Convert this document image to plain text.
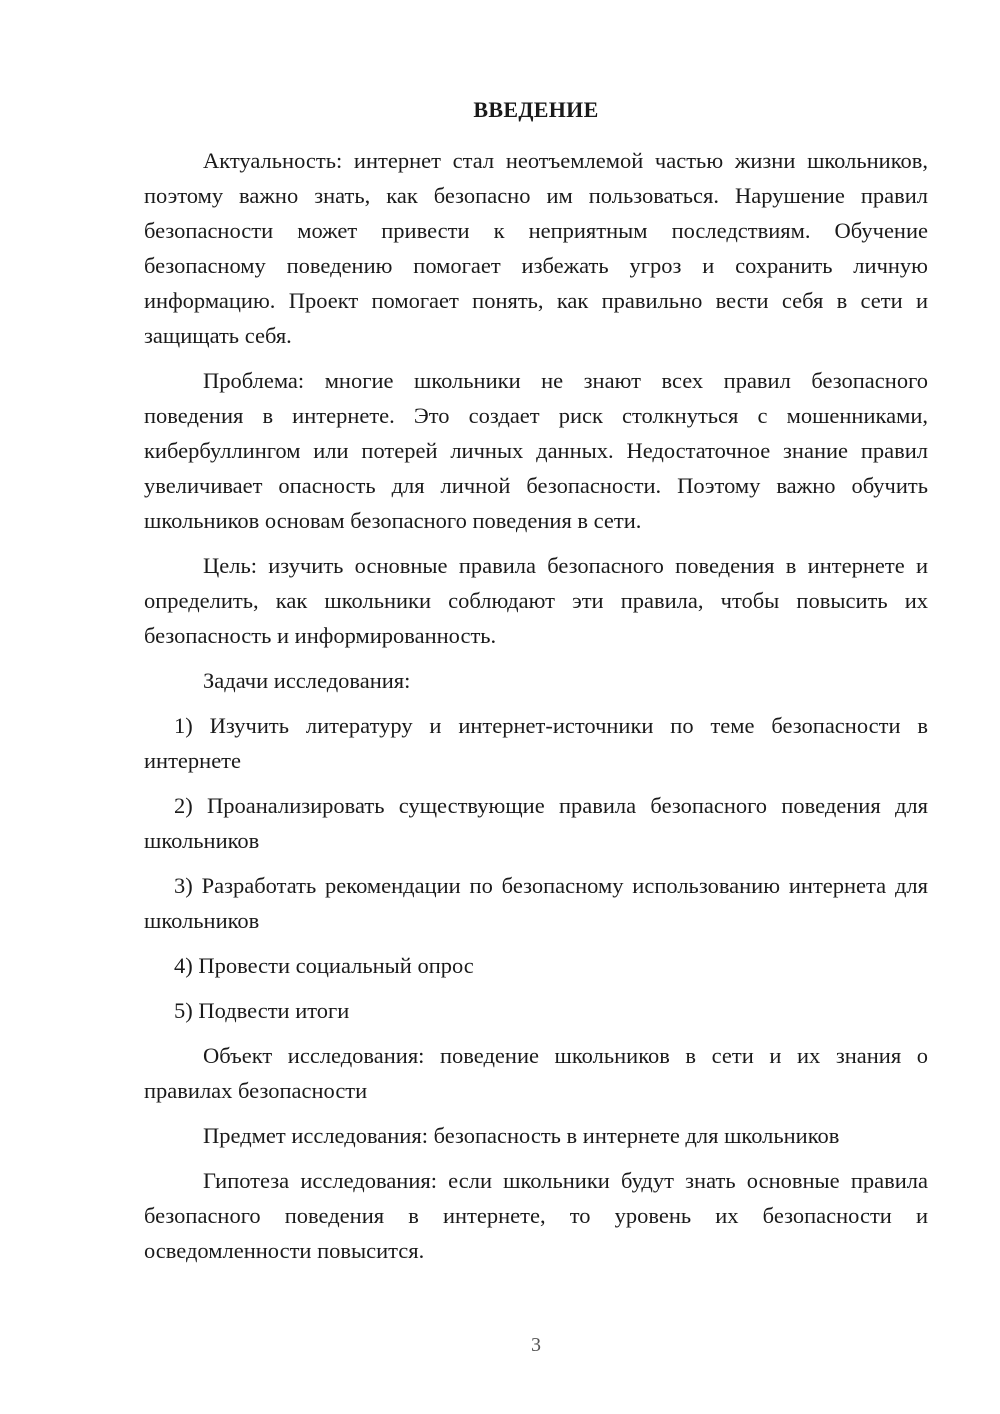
ВВЕДЕНИЕ

Актуальность: интернет стал неотъемлемой частью жизни школьников, поэтому важно знать, как безопасно им пользоваться. Нарушение правил безопасности может привести к неприятным последствиям. Обучение безопасному поведению помогает избежать угроз и сохранить личную информацию. Проект помогает понять, как правильно вести себя в сети и защищать себя.

Проблема: многие школьники не знают всех правил безопасного поведения в интернете. Это создает риск столкнуться с мошенниками, кибербуллингом или потерей личных данных. Недостаточное знание правил увеличивает опасность для личной безопасности. Поэтому важно обучить школьников основам безопасного поведения в сети.

Цель: изучить основные правила безопасного поведения в интернете и определить, как школьники соблюдают эти правила, чтобы повысить их безопасность и информированность.

Задачи исследования:

1) Изучить литературу и интернет-источники по теме безопасности в интернете

2) Проанализировать существующие правила безопасного поведения для школьников

3) Разработать рекомендации по безопасному использованию интернета для школьников

4) Провести социальный опрос

5) Подвести итоги

Объект исследования: поведение школьников в сети и их знания о правилах безопасности

Предмет исследования: безопасность в интернете для школьников

Гипотеза исследования: если школьники будут знать основные правила безопасного поведения в интернете, то уровень их безопасности и осведомленности повысится.

3
